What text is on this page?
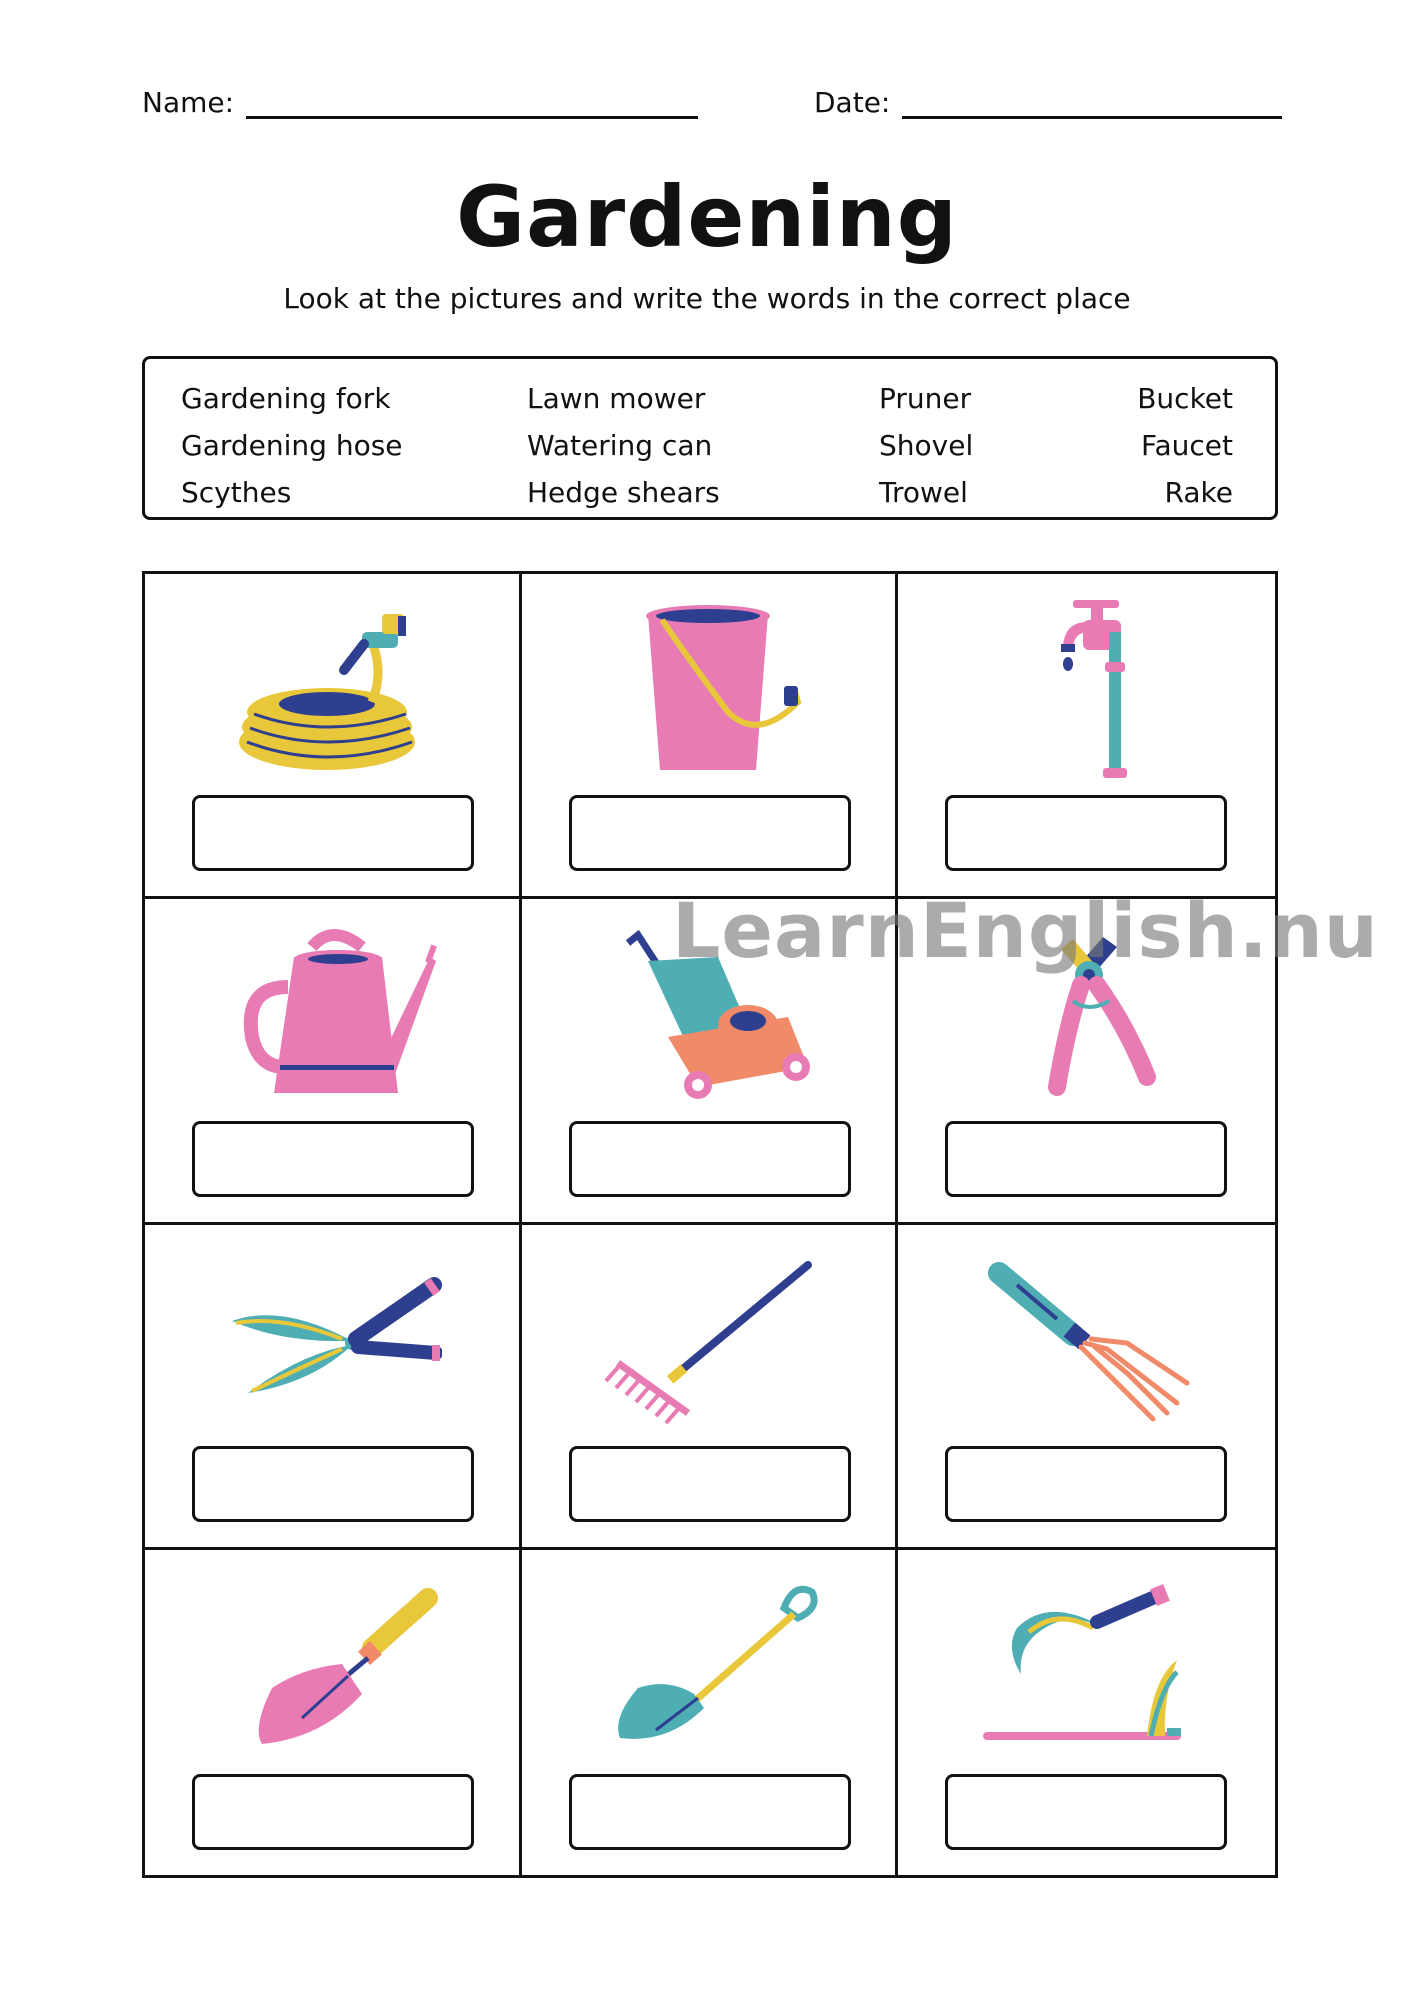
Name:	Date:
Gardening

Look at the pictures and write the words in the correct place

Gardening fork
Gardening hose
Scythes
Lawn mower
Watering can
Hedge shears
Pruner
Shovel
Trowel
Bucket
Faucet
Rake
LearnEnglish.nu
